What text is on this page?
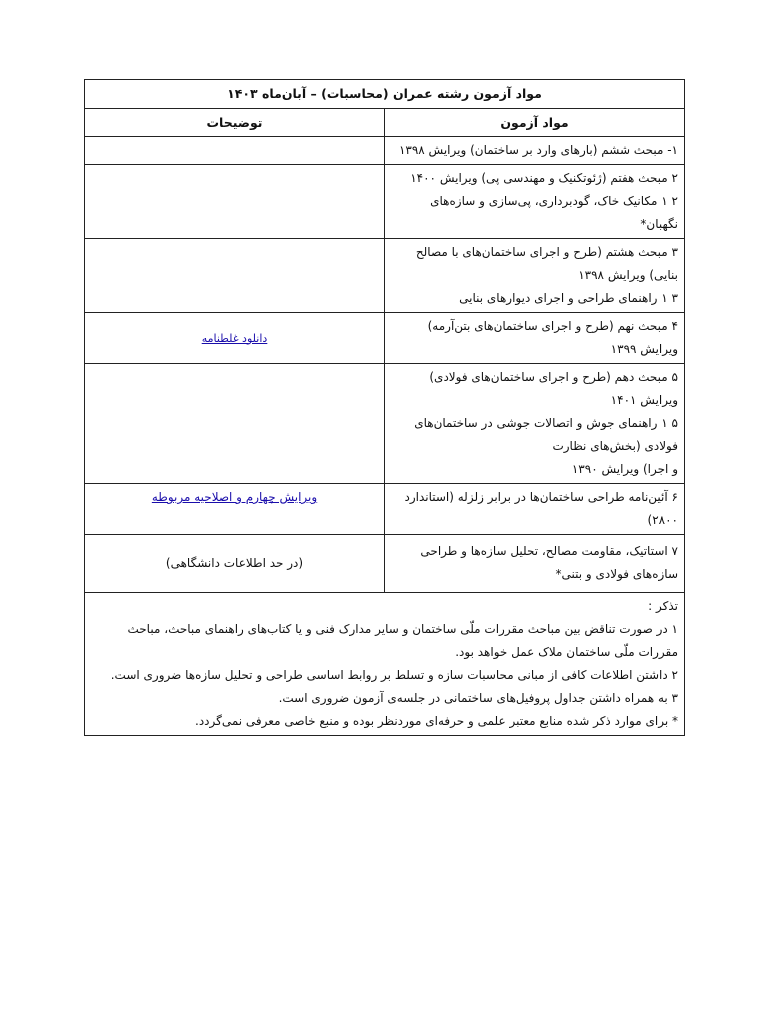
مواد آزمون رشته عمران (محاسبات) – آبان‌ماه ۱۴۰۳	
مواد آزمون	توضیحات

۱- مبحث ششم (بارهای وارد بر ساختمان) ویرایش ۱۳۹۸	

۲ مبحث هفتم (ژئوتکنیک و مهندسی پی) ویرایش ۱۴۰۰
۲ ۱ مکانیک خاک، گودبرداری، پی‌سازی و سازه‌های نگهبان*	

۳ مبحث هشتم (طرح و اجرای ساختمان‌های با مصالح بنایی) ویرایش ۱۳۹۸
۳ ۱ راهنمای طراحی و اجرای دیوارهای بنایی	

۴ مبحث نهم (طرح و اجرای ساختمان‌های بتن‌آرمه) ویرایش ۱۳۹۹	دانلود غلطنامه

۵ مبحث دهم (طرح و اجرای ساختمان‌های فولادی) ویرایش ۱۴۰۱
۵ ۱ راهنمای جوش و اتصالات جوشی در ساختمان‌های فولادی (بخش‌های نظارت
و اجرا) ویرایش ۱۳۹۰	

۶ آئین‌نامه طراحی ساختمان‌ها در برابر زلزله (استاندارد ۲۸۰۰)	ویرایش چهارم و اصلاحیه مربوطه

۷ استاتیک، مقاومت مصالح، تحلیل سازه‌ها و طراحی سازه‌های فولادی و بتنی*	(در حد اطلاعات دانشگاهی)

تذکر :
۱ در صورت تناقض بین مباحث مقررات ملّی ساختمان و سایر مدارک فنی و یا کتاب‌های راهنمای مباحث، مباحث مقررات ملّی ساختمان ملاک عمل خواهد بود.
۲ داشتن اطلاعات کافی از مبانی محاسبات سازه و تسلط بر روابط اساسی طراحی و تحلیل سازه‌ها ضروری است.
۳ به همراه داشتن جداول پروفیل‌های ساختمانی در جلسه‌ی آزمون ضروری است.
* برای موارد ذکر شده منابع معتبر علمی و حرفه‌ای موردنظر بوده و منبع خاصی معرفی نمی‌گردد.	
